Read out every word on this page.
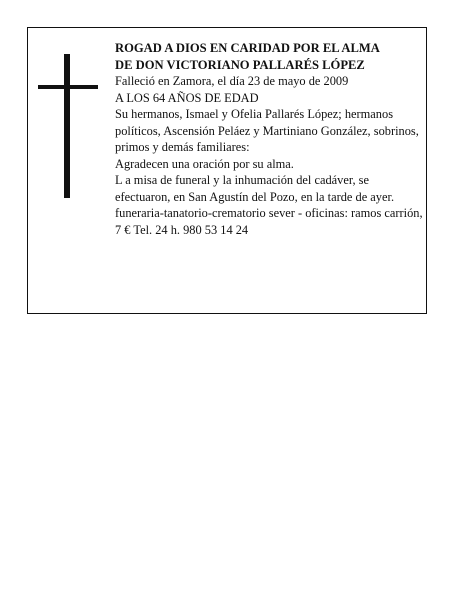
ROGAD A DIOS EN CARIDAD POR EL ALMA

DE DON VICTORIANO PALLARÉS LÓPEZ

Falleció en Zamora, el día 23 de mayo de 2009

A LOS 64 AÑOS DE EDAD

Su hermanos, Ismael y Ofelia Pallarés López; hermanos políticos, Ascensión Peláez y Martiniano González, sobrinos, primos y demás familiares:

Agradecen una oración por su alma.

L a misa de funeral y la inhumación del cadáver, se efectuaron, en San Agustín del Pozo, en la tarde de ayer.

funeraria-tanatorio-crematorio sever - oficinas: ramos carrión, 7 € Tel. 24 h. 980 53 14 24
